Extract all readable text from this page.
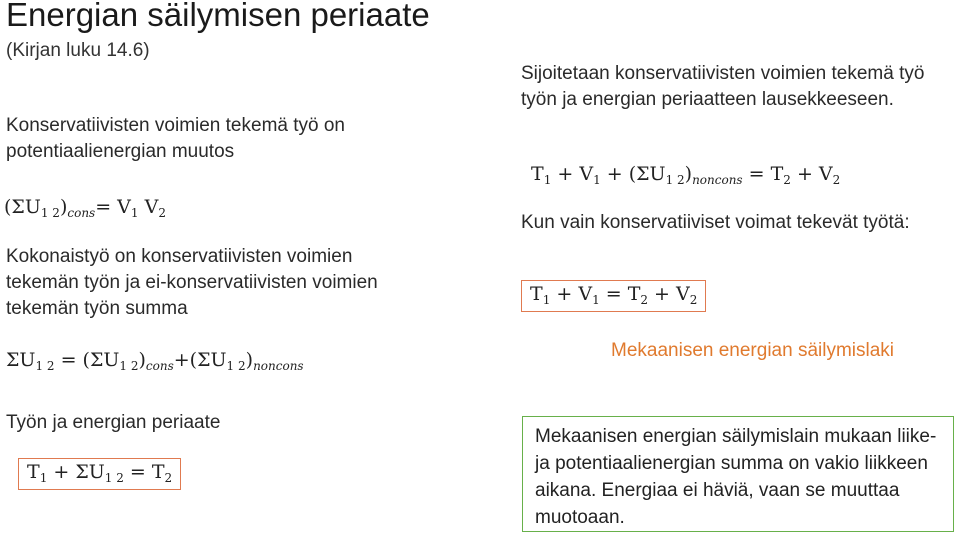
Energian säilymisen periaate
(Kirjan luku 14.6)
Konservatiivisten voimien tekemä työ on potentiaalienergian muutos
$(\Sigma U_{1 2})_{cons}= V_1$ $V_2$
Kokonaistyö on konservatiivisten voimien tekemän työn ja ei-konservatiivisten voimien tekemän työn summa
$\Sigma U_{1 2} = (\Sigma U_{1 2})_{cons}+(\Sigma U_{1 2})_{noncons}$
Työn ja energian periaate
$T_1 + \Sigma U_{1 2} = T_2$
Sijoitetaan konservatiivisten voimien tekemä työ työn ja energian periaatteen lausekkeeseen.
$T_1 + V_1 + (\Sigma U_{1 2})_{noncons} = T_2 + V_2$
Kun vain konservatiiviset voimat tekevät työtä:
$T_1 + V_1 = T_2 + V_2$
Mekaanisen energian säilymislaki
Mekaanisen energian säilymislain mukaan liike- ja potentiaalienergian summa on vakio liikkeen aikana. Energiaa ei häviä, vaan se muuttaa muotoaan.
